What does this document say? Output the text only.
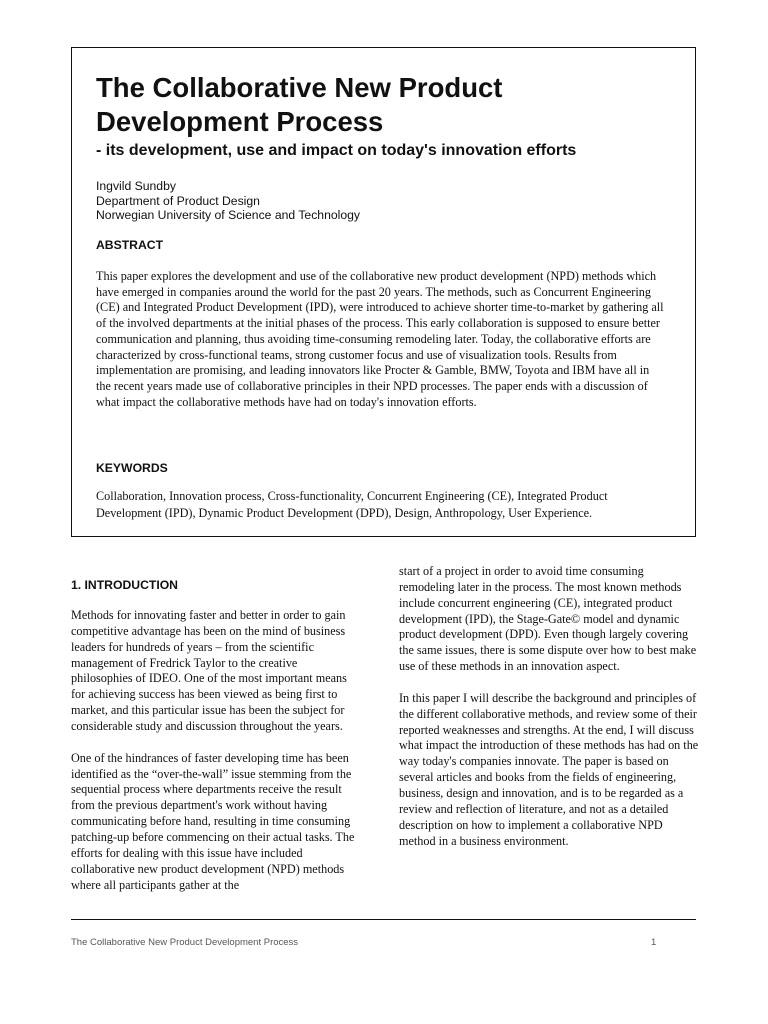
The Collaborative New Product Development Process
- its development, use and impact on today's innovation efforts
Ingvild Sundby
Department of Product Design
Norwegian University of Science and Technology
ABSTRACT

This paper explores the development and use of the collaborative new product development (NPD) methods which have emerged in companies around the world for the past 20 years. The methods, such as Concurrent Engineering (CE) and Integrated Product Development (IPD), were introduced to achieve shorter time-to-market by gathering all of the involved departments at the initial phases of the process. This early collaboration is supposed to ensure better communication and planning, thus avoiding time-consuming remodeling later. Today, the collaborative efforts are characterized by cross-functional teams, strong customer focus and use of visualization tools. Results from implementation are promising, and leading innovators like Procter & Gamble, BMW, Toyota and IBM have all in the recent years made use of collaborative principles in their NPD processes. The paper ends with a discussion of what impact the collaborative methods have had on today's innovation efforts.

KEYWORDS

Collaboration, Innovation process, Cross-functionality, Concurrent Engineering (CE), Integrated Product Development (IPD), Dynamic Product Development (DPD), Design, Anthropology, User Experience.

1. INTRODUCTION

Methods for innovating faster and better in order to gain competitive advantage has been on the mind of business leaders for hundreds of years – from the scientific management of Fredrick Taylor to the creative philosophies of IDEO. One of the most important means for achieving success has been viewed as being first to market, and this particular issue has been the subject for considerable study and discussion throughout the years.

One of the hindrances of faster developing time has been identified as the “over-the-wall” issue stemming from the sequential process where departments receive the result from the previous department's work without having communicating before hand, resulting in time consuming patching-up before commencing on their actual tasks. The efforts for dealing with this issue have included collaborative new product development (NPD) methods where all participants gather at the

start of a project in order to avoid time consuming remodeling later in the process. The most known methods include concurrent engineering (CE), integrated product development (IPD), the Stage-Gate© model and dynamic product development (DPD). Even though largely covering the same issues, there is some dispute over how to best make use of these methods in an innovation aspect.

In this paper I will describe the background and principles of the different collaborative methods, and review some of their reported weaknesses and strengths. At the end, I will discuss what impact the introduction of these methods has had on the way today's companies innovate. The paper is based on several articles and books from the fields of engineering, business, design and innovation, and is to be regarded as a review and reflection of literature, and not as a detailed description on how to implement a collaborative NPD method in a business environment.

The Collaborative New Product Development Process	1
